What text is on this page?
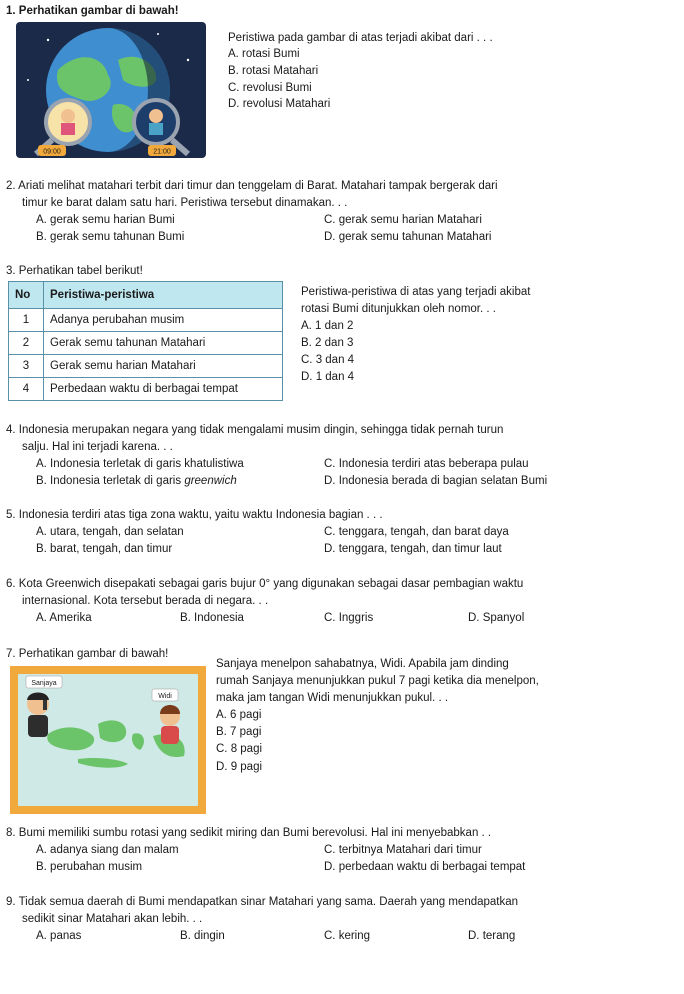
1. Perhatikan gambar di bawah!
09:00	21:00
Peristiwa pada gambar di atas terjadi akibat dari . . .
A. rotasi Bumi
B. rotasi Matahari
C. revolusi Bumi
D. revolusi Matahari
2. Ariati melihat matahari terbit dari timur dan tenggelam di Barat. Matahari tampak bergerak dari
timur ke barat dalam satu hari. Peristiwa tersebut dinamakan. . .
A. gerak semu harian Bumi	C. gerak semu harian Matahari
B. gerak semu tahunan Bumi	D. gerak semu tahunan Matahari
3. Perhatikan tabel berikut!
No	Peristiwa-peristiwa
1	Adanya perubahan musim
2	Gerak semu tahunan Matahari
3	Gerak semu harian Matahari
4	Perbedaan waktu di berbagai tempat
Peristiwa-peristiwa di atas yang terjadi akibat
rotasi Bumi ditunjukkan oleh nomor. . .
A. 1 dan 2
B. 2 dan 3
C. 3 dan 4
D. 1 dan 4
4. Indonesia merupakan negara yang tidak mengalami musim dingin, sehingga tidak pernah turun
salju. Hal ini terjadi karena. . .
A. Indonesia terletak di garis khatulistiwa	C. Indonesia terdiri atas beberapa pulau
B. Indonesia terletak di garis greenwich	D. Indonesia berada di bagian selatan Bumi
5. Indonesia terdiri atas tiga zona waktu, yaitu waktu Indonesia bagian . . .
A. utara, tengah, dan selatan	C. tenggara, tengah, dan barat daya
B. barat, tengah, dan timur	D. tenggara, tengah, dan timur laut
6. Kota Greenwich disepakati sebagai garis bujur 0° yang digunakan sebagai dasar pembagian waktu
internasional. Kota tersebut berada di negara. . .
A. Amerika	B. Indonesia	C. Inggris	D. Spanyol
7. Perhatikan gambar di bawah!
Sanjaya
Widi
Sanjaya menelpon sahabatnya, Widi. Apabila jam dinding
rumah Sanjaya menunjukkan pukul 7 pagi ketika dia menelpon,
maka jam tangan Widi menunjukkan pukul. . .
A. 6 pagi
B. 7 pagi
C. 8 pagi
D. 9 pagi
8. Bumi memiliki sumbu rotasi yang sedikit miring dan Bumi berevolusi. Hal ini menyebabkan . .
A. adanya siang dan malam	C. terbitnya Matahari dari timur
B. perubahan musim	D. perbedaan waktu di berbagai tempat
9. Tidak semua daerah di Bumi mendapatkan sinar Matahari yang sama. Daerah yang mendapatkan
sedikit sinar Matahari akan lebih. . .
A. panas	B. dingin	C. kering	D. terang
